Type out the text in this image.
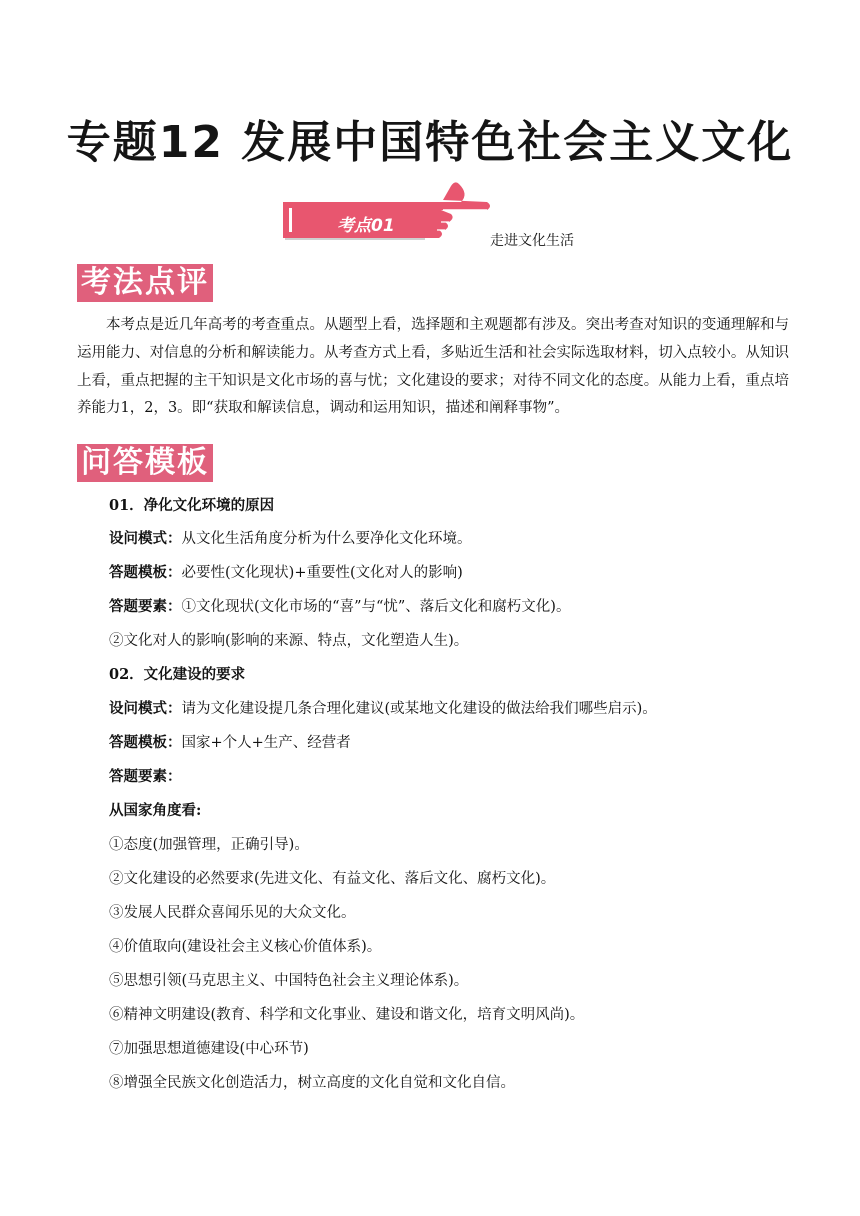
专题12 发展中国特色社会主义文化
考点01
走进文化生活
考法点评
本考点是近几年高考的考查重点。从题型上看，选择题和主观题都有涉及。突出考查对知识的变通理解和与运用能力、对信息的分析和解读能力。从考查方式上看，多贴近生活和社会实际选取材料，切入点较小。从知识上看，重点把握的主干知识是文化市场的喜与忧；文化建设的要求；对待不同文化的态度。从能力上看，重点培养能力1，2，3。即“获取和解读信息，调动和运用知识，描述和阐释事物”。
问答模板
01．净化文化环境的原因
设问模式：从文化生活角度分析为什么要净化文化环境。
答题模板：必要性(文化现状)+重要性(文化对人的影响)
答题要素：①文化现状(文化市场的“喜”与“忧”、落后文化和腐朽文化)。
②文化对人的影响(影响的来源、特点，文化塑造人生)。
02．文化建设的要求
设问模式：请为文化建设提几条合理化建议(或某地文化建设的做法给我们哪些启示)。
答题模板：国家+个人+生产、经营者
答题要素：
从国家角度看:
①态度(加强管理，正确引导)。
②文化建设的必然要求(先进文化、有益文化、落后文化、腐朽文化)。
③发展人民群众喜闻乐见的大众文化。
④价值取向(建设社会主义核心价值体系)。
⑤思想引领(马克思主义、中国特色社会主义理论体系)。
⑥精神文明建设(教育、科学和文化事业、建设和谐文化，培育文明风尚)。
⑦加强思想道德建设(中心环节)
⑧增强全民族文化创造活力，树立高度的文化自觉和文化自信。
